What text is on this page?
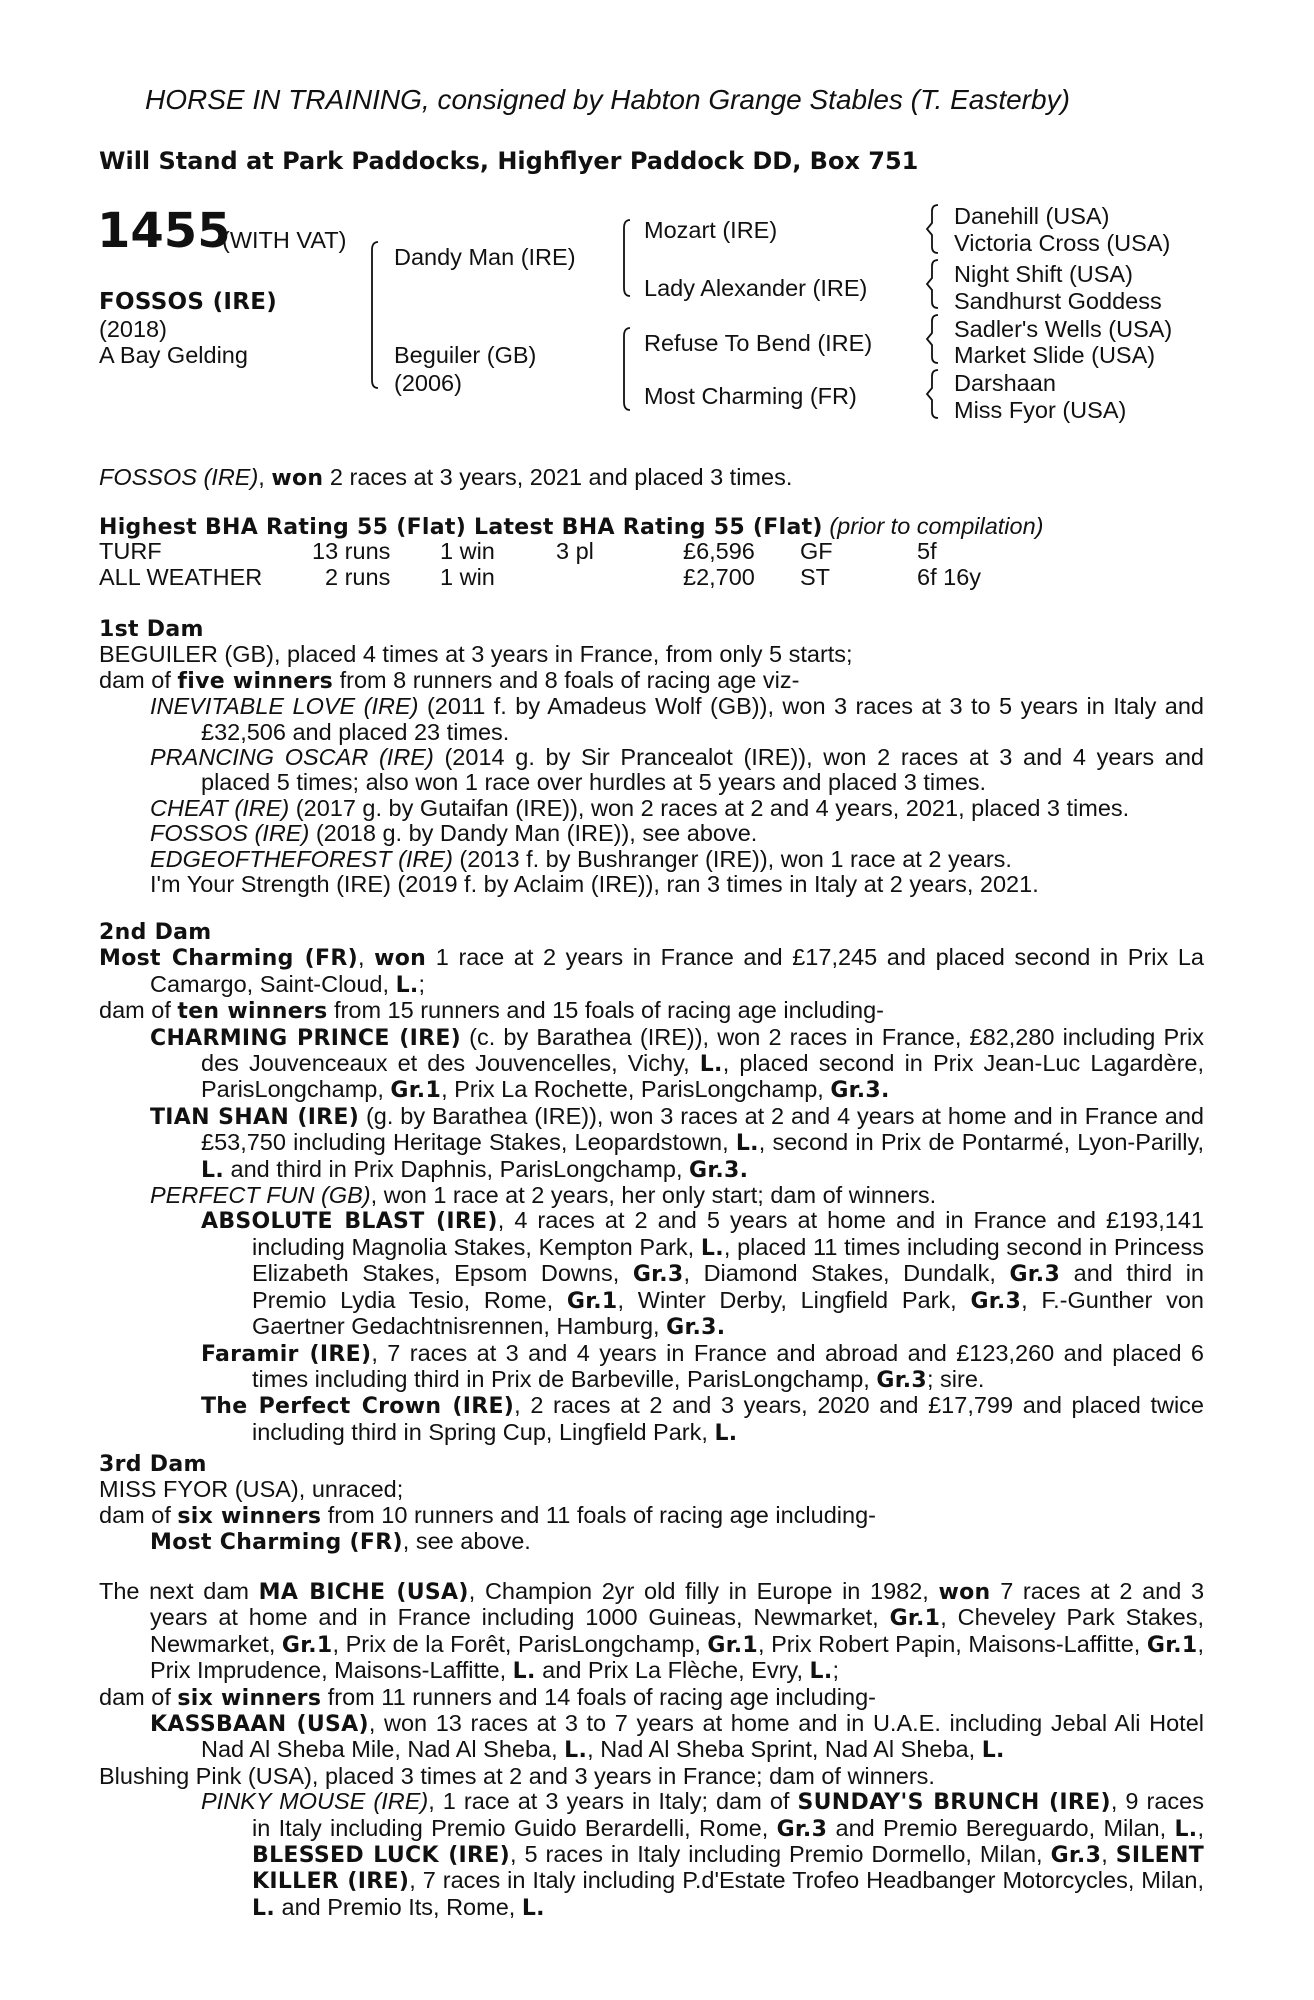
HORSE IN TRAINING, consigned by Habton Grange Stables (T. Easterby)
Will Stand at Park Paddocks, Highflyer Paddock DD, Box 751
1455
(WITH VAT)
FOSSOS (IRE)
(2018)
A Bay Gelding
Dandy Man (IRE)
Beguiler (GB)
(2006)
Mozart (IRE)
Lady Alexander (IRE)
Refuse To Bend (IRE)
Most Charming (FR)
Danehill (USA)
Victoria Cross (USA)
Night Shift (USA)
Sandhurst Goddess
Sadler's Wells (USA)
Market Slide (USA)
Darshaan
Miss Fyor (USA)
FOSSOS (IRE), won 2 races at 3 years, 2021 and placed 3 times.
Highest BHA Rating 55 (Flat) Latest BHA Rating 55 (Flat) (prior to compilation)
TURF	13 runs 1 win	3 pl	£6,596 GF	5f
ALL WEATHER	2 runs 1 win	£2,700 ST	6f 16y

1st Dam

BEGUILER (GB), placed 4 times at 3 years in France, from only 5 starts;

dam of five winners from 8 runners and 8 foals of racing age viz-

INEVITABLE LOVE (IRE) (2011 f. by Amadeus Wolf (GB)), won 3 races at 3 to 5 years in Italy and £32,506 and placed 23 times.

PRANCING OSCAR (IRE) (2014 g. by Sir Prancealot (IRE)), won 2 races at 3 and 4 years and placed 5 times; also won 1 race over hurdles at 5 years and placed 3 times.

CHEAT (IRE) (2017 g. by Gutaifan (IRE)), won 2 races at 2 and 4 years, 2021, placed 3 times.

FOSSOS (IRE) (2018 g. by Dandy Man (IRE)), see above.

EDGEOFTHEFOREST (IRE) (2013 f. by Bushranger (IRE)), won 1 race at 2 years.

I'm Your Strength (IRE) (2019 f. by Aclaim (IRE)), ran 3 times in Italy at 2 years, 2021.

2nd Dam

Most Charming (FR), won 1 race at 2 years in France and £17,245 and placed second in Prix La Camargo, Saint-Cloud, L.;

dam of ten winners from 15 runners and 15 foals of racing age including-

CHARMING PRINCE (IRE) (c. by Barathea (IRE)), won 2 races in France, £82,280 including Prix des Jouvenceaux et des Jouvencelles, Vichy, L., placed second in Prix Jean-Luc Lagardère, ParisLongchamp, Gr.1, Prix La Rochette, ParisLongchamp, Gr.3.

TIAN SHAN (IRE) (g. by Barathea (IRE)), won 3 races at 2 and 4 years at home and in France and £53,750 including Heritage Stakes, Leopardstown, L., second in Prix de Pontarmé, Lyon-Parilly, L. and third in Prix Daphnis, ParisLongchamp, Gr.3.

PERFECT FUN (GB), won 1 race at 2 years, her only start; dam of winners.

ABSOLUTE BLAST (IRE), 4 races at 2 and 5 years at home and in France and £193,141 including Magnolia Stakes, Kempton Park, L., placed 11 times including second in Princess Elizabeth Stakes, Epsom Downs, Gr.3, Diamond Stakes, Dundalk, Gr.3 and third in Premio Lydia Tesio, Rome, Gr.1, Winter Derby, Lingfield Park, Gr.3, F.-Gunther von Gaertner Gedachtnisrennen, Hamburg, Gr.3.

Faramir (IRE), 7 races at 3 and 4 years in France and abroad and £123,260 and placed 6 times including third in Prix de Barbeville, ParisLongchamp, Gr.3; sire.

The Perfect Crown (IRE), 2 races at 2 and 3 years, 2020 and £17,799 and placed twice including third in Spring Cup, Lingfield Park, L.

3rd Dam

MISS FYOR (USA), unraced;

dam of six winners from 10 runners and 11 foals of racing age including-

Most Charming (FR), see above.

The next dam MA BICHE (USA), Champion 2yr old filly in Europe in 1982, won 7 races at 2 and 3 years at home and in France including 1000 Guineas, Newmarket, Gr.1, Cheveley Park Stakes, Newmarket, Gr.1, Prix de la Forêt, ParisLongchamp, Gr.1, Prix Robert Papin, Maisons-Laffitte, Gr.1, Prix Imprudence, Maisons-Laffitte, L. and Prix La Flèche, Evry, L.;

dam of six winners from 11 runners and 14 foals of racing age including-

KASSBAAN (USA), won 13 races at 3 to 7 years at home and in U.A.E. including Jebal Ali Hotel Nad Al Sheba Mile, Nad Al Sheba, L., Nad Al Sheba Sprint, Nad Al Sheba, L.

Blushing Pink (USA), placed 3 times at 2 and 3 years in France; dam of winners.

PINKY MOUSE (IRE), 1 race at 3 years in Italy; dam of SUNDAY'S BRUNCH (IRE), 9 races in Italy including Premio Guido Berardelli, Rome, Gr.3 and Premio Bereguardo, Milan, L., BLESSED LUCK (IRE), 5 races in Italy including Premio Dormello, Milan, Gr.3, SILENT KILLER (IRE), 7 races in Italy including P.d'Estate Trofeo Headbanger Motorcycles, Milan, L. and Premio Its, Rome, L.
